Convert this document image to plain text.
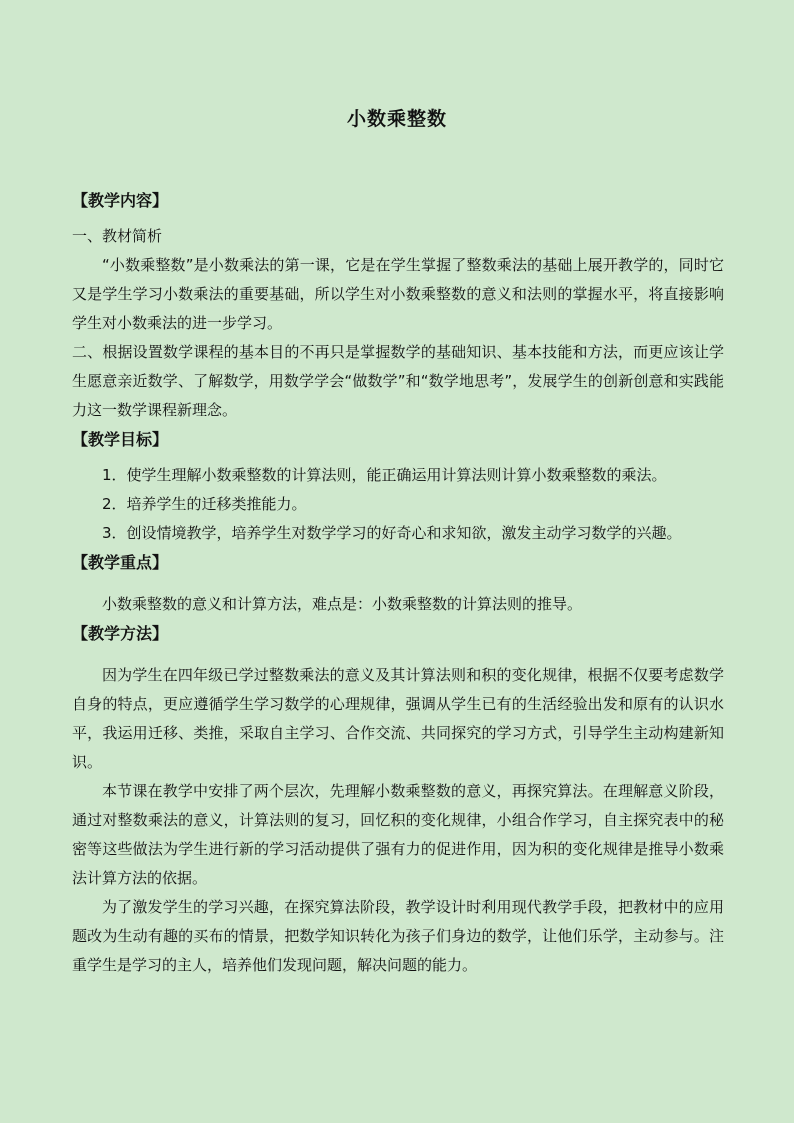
小数乘整数

【教学内容】

一、教材简析

“小数乘整数”是小数乘法的第一课，它是在学生掌握了整数乘法的基础上展开教学的，同时它又是学生学习小数乘法的重要基础，所以学生对小数乘整数的意义和法则的掌握水平，将直接影响学生对小数乘法的进一步学习。

二、根据设置数学课程的基本目的不再只是掌握数学的基础知识、基本技能和方法，而更应该让学生愿意亲近数学、了解数学，用数学学会“做数学”和“数学地思考”，发展学生的创新创意和实践能力这一数学课程新理念。

【教学目标】

1．使学生理解小数乘整数的计算法则，能正确运用计算法则计算小数乘整数的乘法。

2．培养学生的迁移类推能力。

3．创设情境教学，培养学生对数学学习的好奇心和求知欲，激发主动学习数学的兴趣。

【教学重点】

小数乘整数的意义和计算方法，难点是：小数乘整数的计算法则的推导。

【教学方法】

因为学生在四年级已学过整数乘法的意义及其计算法则和积的变化规律，根据不仅要考虑数学自身的特点，更应遵循学生学习数学的心理规律，强调从学生已有的生活经验出发和原有的认识水平，我运用迁移、类推，采取自主学习、合作交流、共同探究的学习方式，引导学生主动构建新知识。

本节课在教学中安排了两个层次，先理解小数乘整数的意义，再探究算法。在理解意义阶段，通过对整数乘法的意义，计算法则的复习，回忆积的变化规律，小组合作学习，自主探究表中的秘密等这些做法为学生进行新的学习活动提供了强有力的促进作用，因为积的变化规律是推导小数乘法计算方法的依据。

为了激发学生的学习兴趣，在探究算法阶段，教学设计时利用现代教学手段，把教材中的应用题改为生动有趣的买布的情景，把数学知识转化为孩子们身边的数学，让他们乐学，主动参与。注重学生是学习的主人，培养他们发现问题，解决问题的能力。
